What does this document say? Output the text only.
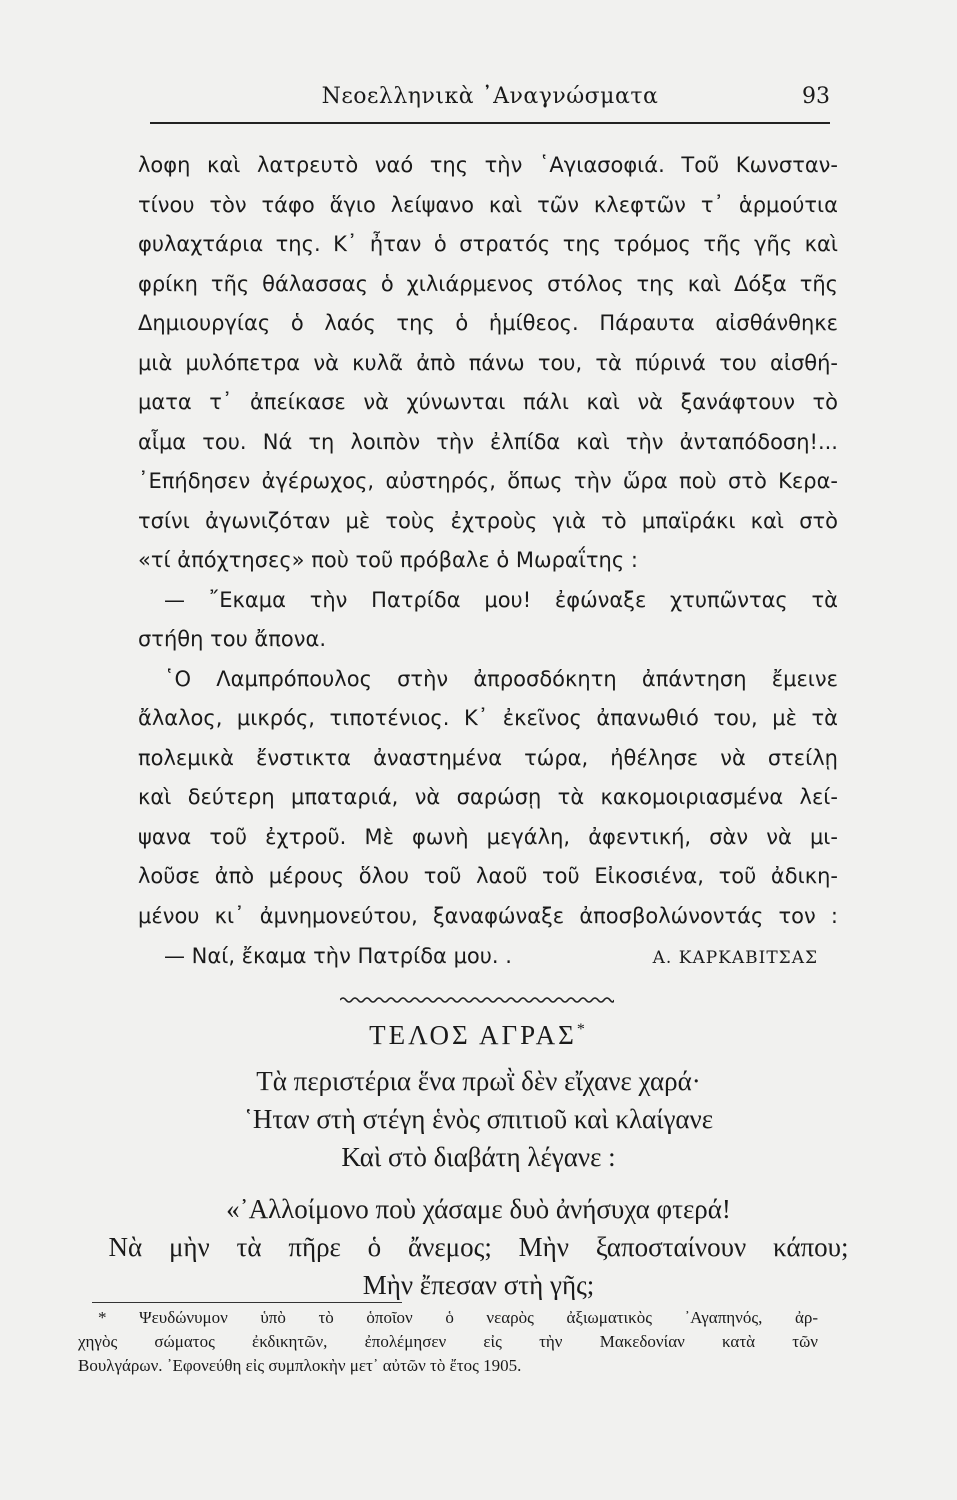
Νεοελληνικὰ ᾿Αναγνώσματα	93
λοφη καὶ λατρευτὸ ναό της τὴν ῾Αγιασοφιά. Τοῦ Κωνσταν-
τίνου τὸν τάφο ἅγιο λείψανο καὶ τῶν κλεφτῶν τ᾿ ἁρμούτια
φυλαχτάρια της. Κ᾿ ἦταν ὁ στρατός της τρόμος τῆς γῆς καὶ
φρίκη τῆς θάλασσας ὁ χιλιάρμενος στόλος της καὶ Δόξα τῆς
Δημιουργίας ὁ λαός της ὁ ἡμίθεος. Πάραυτα αἰσθάνθηκε
μιὰ μυλόπετρα νὰ κυλᾶ ἀπὸ πάνω του, τὰ πύρινά του αἰσθή-
ματα τ᾿ ἀπείκασε νὰ χύνωνται πάλι καὶ νὰ ξανάφτουν τὸ
αἷμα του. Νά τη λοιπὸν τὴν ἐλπίδα καὶ τὴν ἀνταπόδοση!...
᾿Επήδησεν ἀγέρωχος, αὐστηρός, ὅπως τὴν ὥρα ποὺ στὸ Κερα-
τσίνι ἀγωνιζόταν μὲ τοὺς ἐχτροὺς γιὰ τὸ μπαϊράκι καὶ στὸ
«τί ἀπόχτησες» ποὺ τοῦ πρόβαλε ὁ Μωραΐτης :
— ῎Εκαμα τὴν Πατρίδα μου! ἐφώναξε χτυπῶντας τὰ
στήθη του ἄπονα.
῾Ο Λαμπρόπουλος στὴν ἀπροσδόκητη ἀπάντηση ἔμεινε
ἄλαλος, μικρός, τιποτένιος. Κ᾿ ἐκεῖνος ἀπανωθιό του, μὲ τὰ
πολεμικὰ ἔνστικτα ἀναστημένα τώρα, ἠθέλησε νὰ στείλῃ
καὶ δεύτερη μπαταριά, νὰ σαρώσῃ τὰ κακομοιριασμένα λεί-
ψανα τοῦ ἐχτροῦ. Μὲ φωνὴ μεγάλη, ἀφεντική, σὰν νὰ μι-
λοῦσε ἀπὸ μέρους ὅλου τοῦ λαοῦ τοῦ Εἰκοσιένα, τοῦ ἀδικη-
μένου κι᾿ ἀμνημονεύτου, ξαναφώναξε ἀποσβολώνοντάς τον :
— Ναί, ἔκαμα τὴν Πατρίδα μου. .	Α. ΚΑΡΚΑΒΙΤΣΑΣ
ΤΕΛΟΣ ΑΓΡΑΣ*
Τὰ περιστέρια ἕνα πρωῒ δὲν εἴχανε χαρά·
῾Ηταν στὴ στέγη ἑνὸς σπιτιοῦ καὶ κλαίγανε
Καὶ στὸ διαβάτη λέγανε :
«᾿Αλλοίμονο ποὺ χάσαμε δυὸ ἀνήσυχα φτερά!
Νὰ μὴν τὰ πῆρε ὁ ἄνεμος; Μὴν ξαποσταίνουν κάπου;
Μὴν ἔπεσαν στὴ γῆς;
* Ψευδώνυμον ὑπὸ τὸ ὁποῖον ὁ νεαρὸς ἀξιωματικὸς ᾿Αγαπηνός, ἀρ-
χηγὸς σώματος ἐκδικητῶν, ἐπολέμησεν εἰς τὴν Μακεδονίαν κατὰ τῶν
Βουλγάρων. ᾿Εφονεύθη εἰς συμπλοκὴν μετ᾿ αὐτῶν τὸ ἔτος 1905.
